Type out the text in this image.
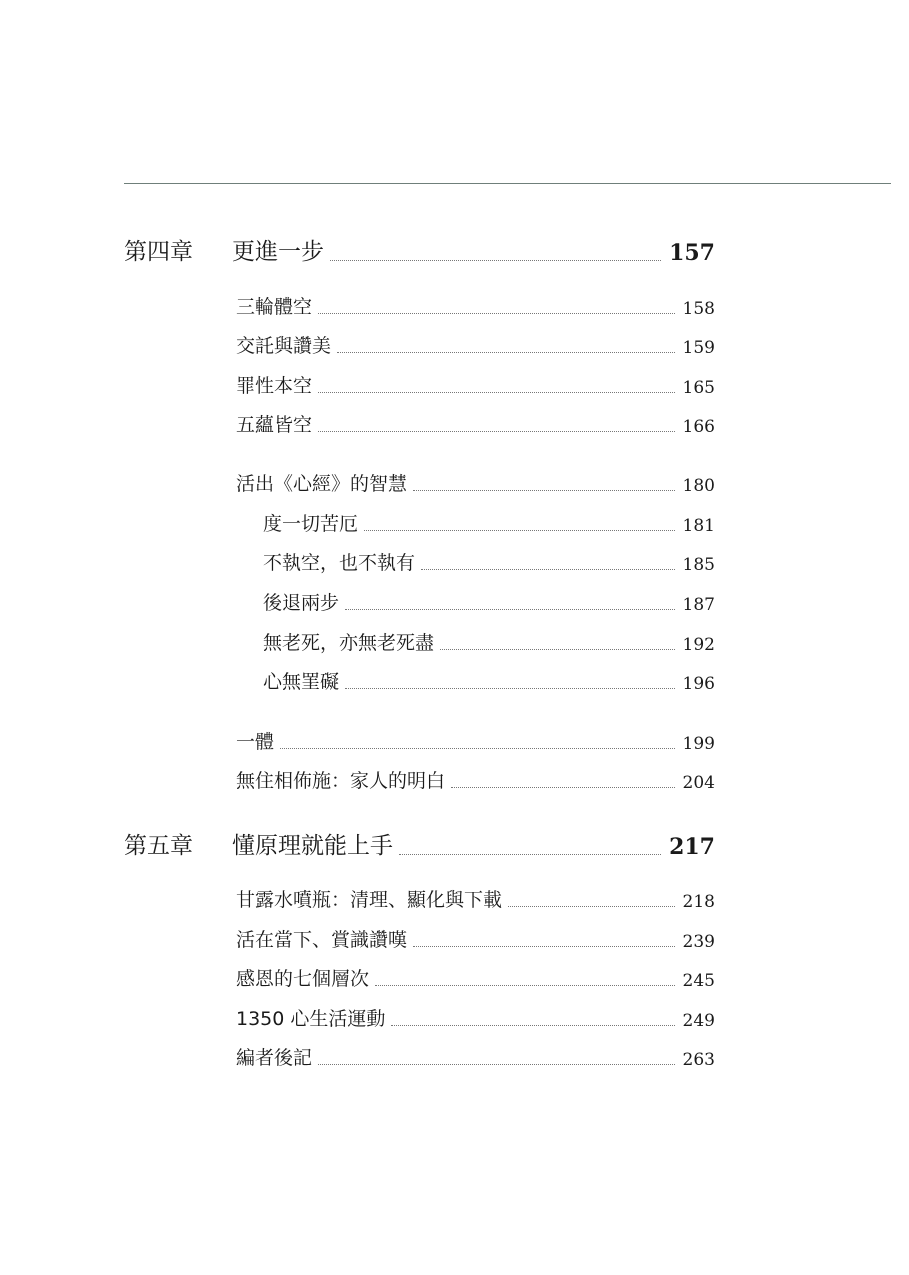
第四章	更進一步	157
三輪體空	158
交託與讚美	159
罪性本空	165
五蘊皆空	166
活出《心經》的智慧	180
度一切苦厄	181
不執空，也不執有	185
後退兩步	187
無老死，亦無老死盡	192
心無罣礙	196
一體	199
無住相佈施：家人的明白	204
第五章	懂原理就能上手	217
甘露水噴瓶：清理、顯化與下載	218
活在當下、賞識讚嘆	239
感恩的七個層次	245
1350 心生活運動	249
編者後記	263
